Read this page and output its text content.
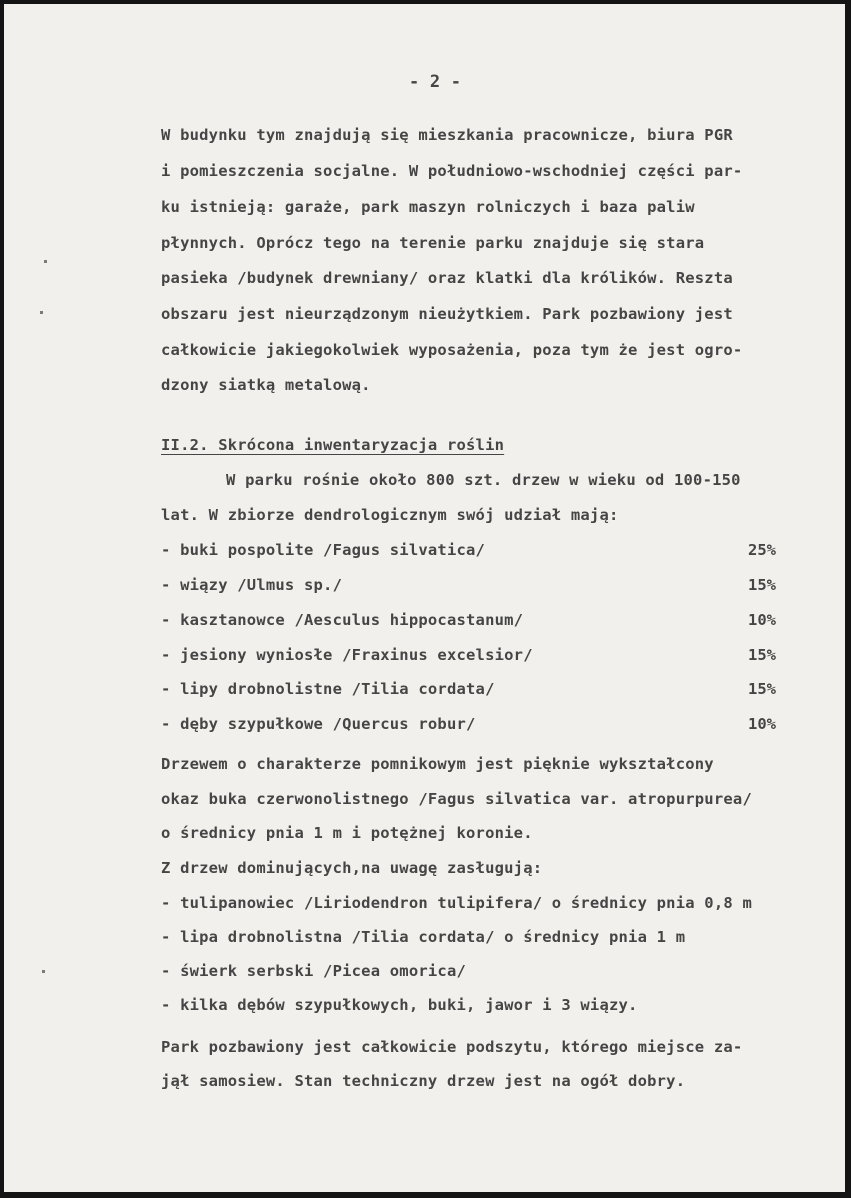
- 2 -
W budynku tym znajdują się mieszkania pracownicze, biura PGR
i pomieszczenia socjalne. W południowo-wschodniej części par-
ku istnieją: garaże, park maszyn rolniczych i baza paliw
płynnych. Oprócz tego na terenie parku znajduje się stara
pasieka /budynek drewniany/ oraz klatki dla królików. Reszta
obszaru jest nieurządzonym nieużytkiem. Park pozbawiony jest
całkowicie jakiegokolwiek wyposażenia, poza tym że jest ogro-
dzony siatką metalową.
II.2. Skrócona inwentaryzacja roślin
W parku rośnie około 800 szt. drzew w wieku od 100-150
lat. W zbiorze dendrologicznym swój udział mają:
- buki pospolite /Fagus silvatica/	25%
- wiązy /Ulmus sp./	15%
- kasztanowce /Aesculus hippocastanum/	10%
- jesiony wyniosłe /Fraxinus excelsior/	15%
- lipy drobnolistne /Tilia cordata/	15%
- dęby szypułkowe /Quercus robur/	10%
Drzewem o charakterze pomnikowym jest pięknie wykształcony
okaz buka czerwonolistnego /Fagus silvatica var. atropurpurea/
o średnicy pnia 1 m i potężnej koronie.
Z drzew dominujących,na uwagę zasługują:
- tulipanowiec /Liriodendron tulipifera/ o średnicy pnia 0,8 m
- lipa drobnolistna /Tilia cordata/ o średnicy pnia 1 m
- świerk serbski /Picea omorica/
- kilka dębów szypułkowych, buki, jawor i 3 wiązy.
Park pozbawiony jest całkowicie podszytu, którego miejsce za-
jął samosiew. Stan techniczny drzew jest na ogół dobry.
